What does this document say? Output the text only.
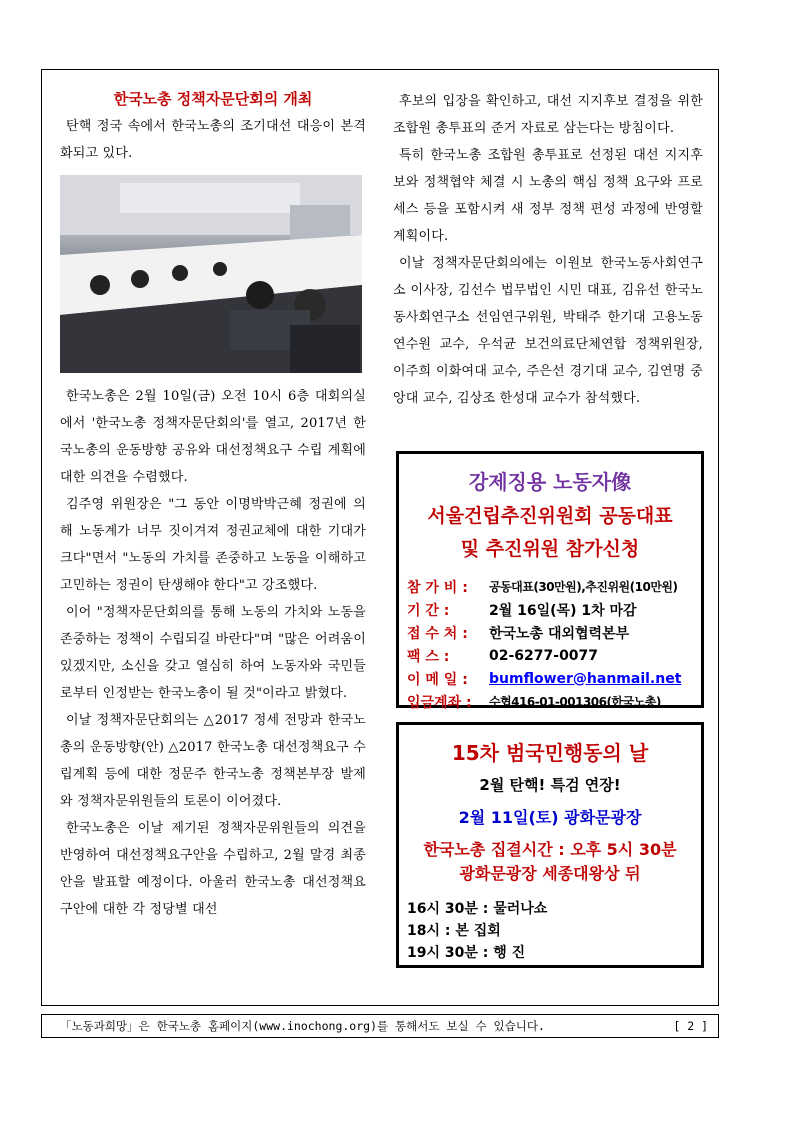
한국노총 정책자문단회의 개최

탄핵 정국 속에서 한국노총의 조기대선 대응이 본격화되고 있다.

한국노총은 2월 10일(금) 오전 10시 6층 대회의실에서 '한국노총 정책자문단회의'를 열고, 2017년 한국노총의 운동방향 공유와 대선정책요구 수립 계획에 대한 의견을 수렴했다.

김주영 위원장은 "그 동안 이명박박근혜 정권에 의해 노동계가 너무 짓이겨져 정권교체에 대한 기대가 크다"면서 "노동의 가치를 존중하고 노동을 이해하고 고민하는 정권이 탄생해야 한다"고 강조했다.

이어 "정책자문단회의를 통해 노동의 가치와 노동을 존중하는 정책이 수립되길 바란다"며 "많은 어려움이 있겠지만, 소신을 갖고 열심히 하여 노동자와 국민들로부터 인정받는 한국노총이 될 것"이라고 밝혔다.

이날 정책자문단회의는 △2017 정세 전망과 한국노총의 운동방향(안) △2017 한국노총 대선정책요구 수립계획 등에 대한 정문주 한국노총 정책본부장 발제와 정책자문위원들의 토론이 이어졌다.

한국노총은 이날 제기된 정책자문위원들의 의견을 반영하여 대선정책요구안을 수립하고, 2월 말경 최종안을 발표할 예정이다. 아울러 한국노총 대선정책요구안에 대한 각 정당별 대선

후보의 입장을 확인하고, 대선 지지후보 결정을 위한 조합원 총투표의 준거 자료로 삼는다는 방침이다.

특히 한국노총 조합원 총투표로 선정된 대선 지지후보와 정책협약 체결 시 노총의 핵심 정책 요구와 프로세스 등을 포함시켜 새 정부 정책 편성 과정에 반영할 계획이다.

이날 정책자문단회의에는 이원보 한국노동사회연구소 이사장, 김선수 법무법인 시민 대표, 김유선 한국노동사회연구소 선임연구위원, 박태주 한기대 고용노동연수원 교수, 우석균 보건의료단체연합 정책위원장, 이주희 이화여대 교수, 주은선 경기대 교수, 김연명 중앙대 교수, 김상조 한성대 교수가 참석했다.

강제징용 노동자像
서울건립추진위원회 공동대표
및 추진위원 참가신청
참 가 비 :	공동대표(30만원),추진위원(10만원)
기 간 :	2월 16일(목) 1차 마감
접 수 처 :	한국노총 대외협력본부
팩 스 :	02-6277-0077
이 메 일 :	bumflower@hanmail.net
입금계좌 :	수협416-01-001306(한국노총)
15차 범국민행동의 날
2월 탄핵! 특검 연장!
2월 11일(토) 광화문광장
한국노총 집결시간 : 오후 5시 30분
광화문광장 세종대왕상 뒤
16시 30분 : 물러나쇼
18시 : 본 집회
19시 30분 : 행 진
「노동과희망」은 한국노총 홈페이지(www.inochong.org)를 통해서도 보실 수 있습니다.	[ 2 ]
